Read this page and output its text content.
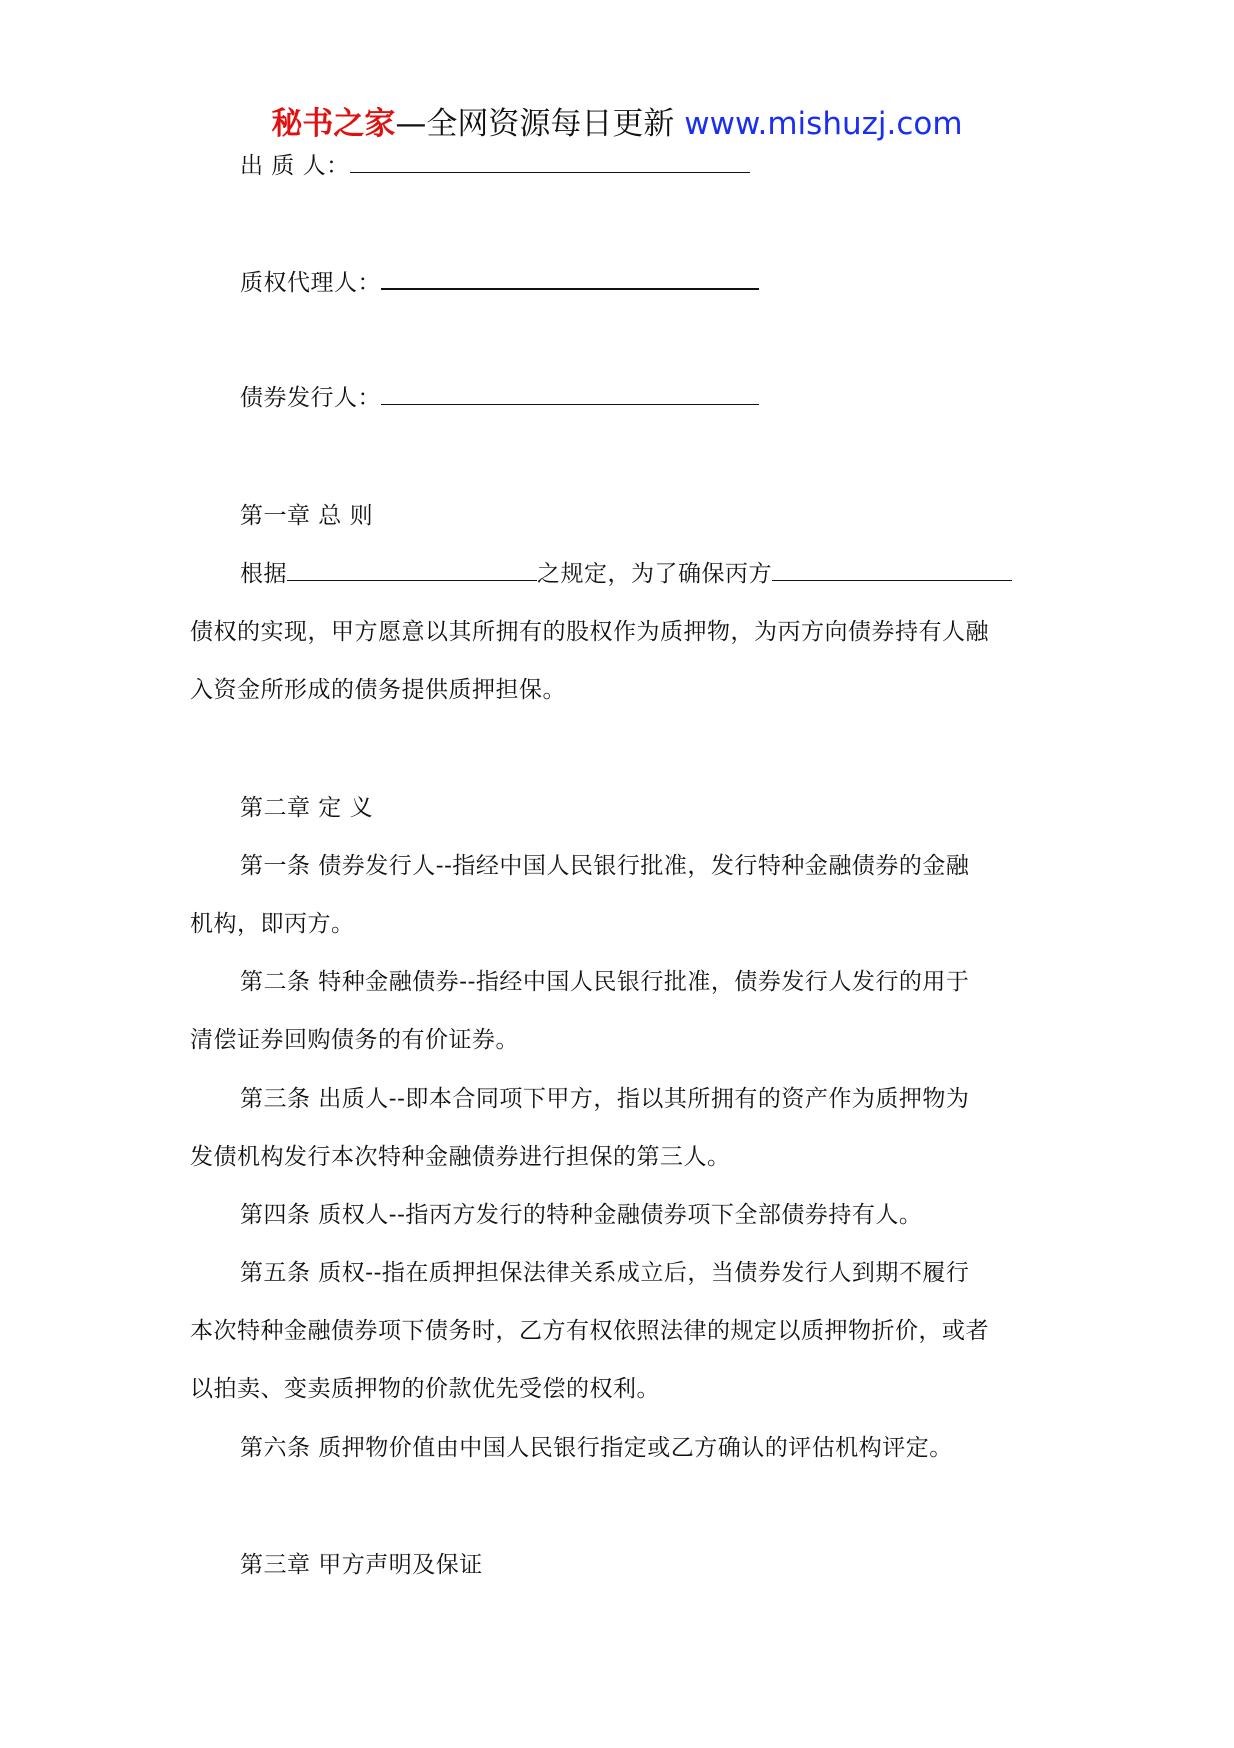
秘书之家—全网资源每日更新 www.mishuzj.com
出 质 人：
质权代理人：
债券发行人：
第一章 总 则
根据	之规定，为了确保丙方
债权的实现，甲方愿意以其所拥有的股权作为质押物，为丙方向债券持有人融
入资金所形成的债务提供质押担保。
第二章 定 义
第一条 债券发行人--指经中国人民银行批准，发行特种金融债券的金融
机构，即丙方。
第二条 特种金融债券--指经中国人民银行批准，债券发行人发行的用于
清偿证券回购债务的有价证券。
第三条 出质人--即本合同项下甲方，指以其所拥有的资产作为质押物为
发债机构发行本次特种金融债券进行担保的第三人。
第四条 质权人--指丙方发行的特种金融债券项下全部债券持有人。
第五条 质权--指在质押担保法律关系成立后，当债券发行人到期不履行
本次特种金融债券项下债务时，乙方有权依照法律的规定以质押物折价，或者
以拍卖、变卖质押物的价款优先受偿的权利。
第六条 质押物价值由中国人民银行指定或乙方确认的评估机构评定。
第三章 甲方声明及保证
